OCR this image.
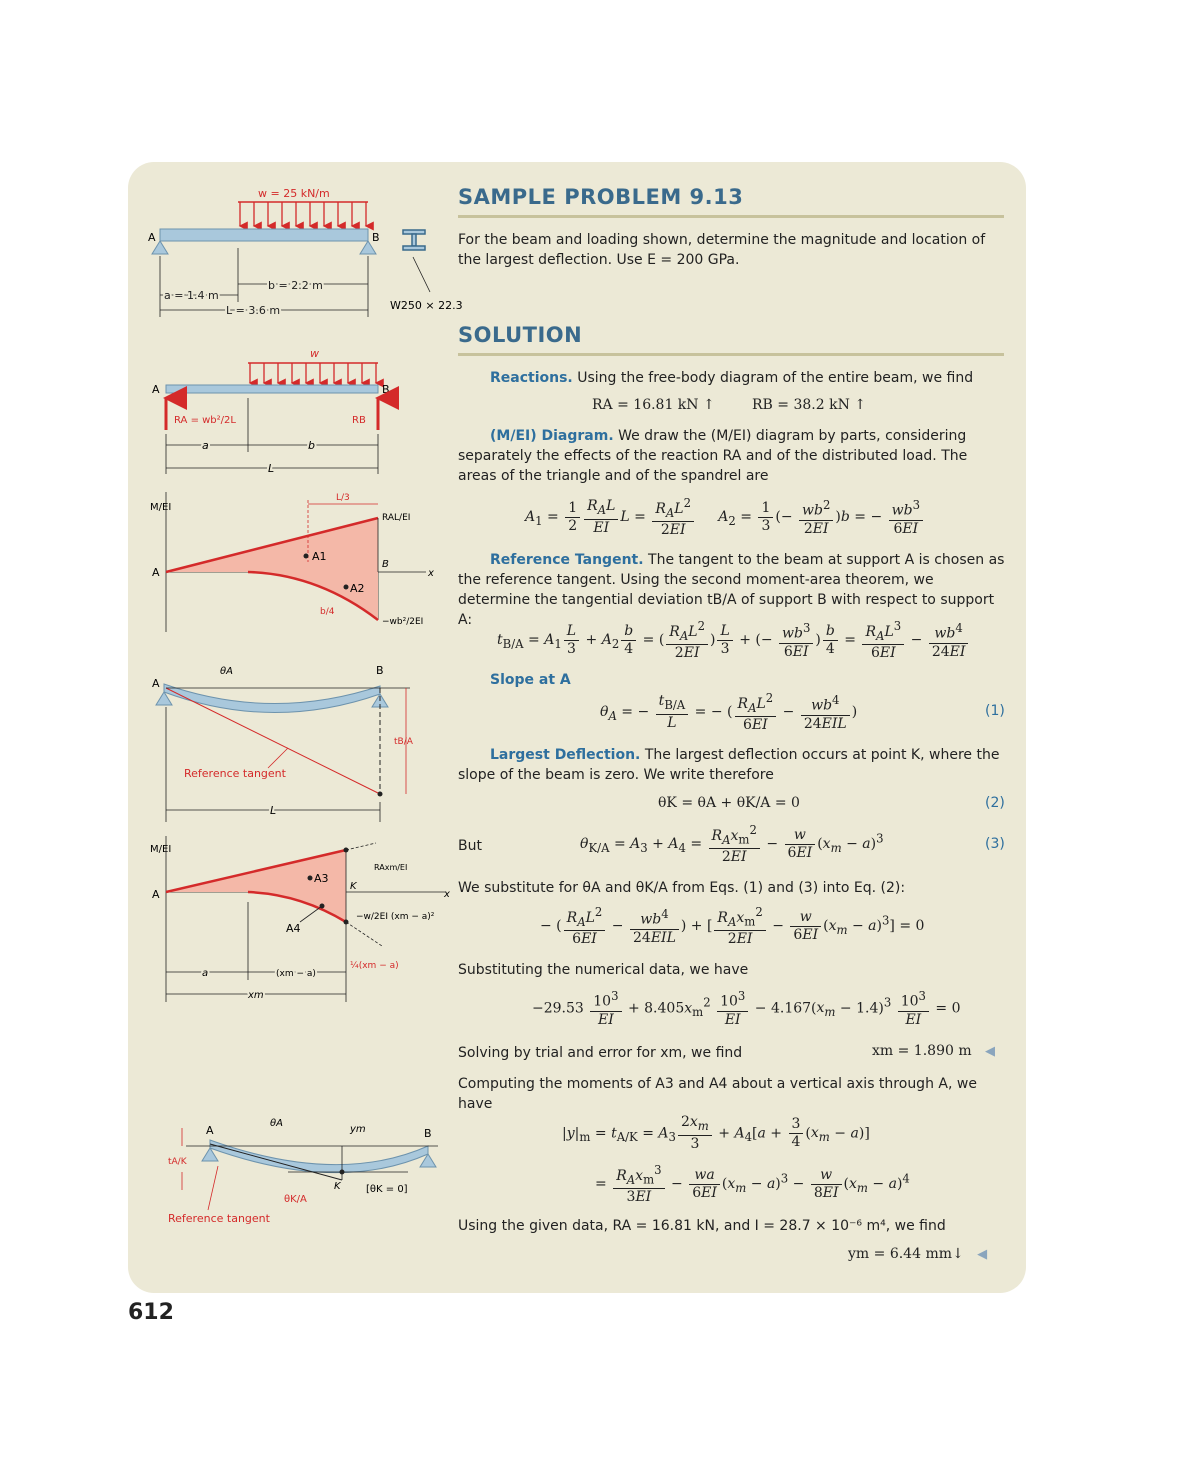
w = 25 kN/m
A	B
b = 2.2 m
a = 1.4 m
L = 3.6 m	W250 × 22.3
w
A	B
RA = wb²/2L	RB
a	b
L
M/EI
x
A
L/3
RAL/EI
A1
A2
B
b/4
−wb²/2EI
A
B
θA
tB/A
L
Reference tangent
M/EI
x
A
A3
A4
K
RAxm/EI
−w/2EI (xm − a)²
¼(xm − a)
a	(xm − a)
xm
A	B
θA
ym
K	[θK = 0]
tA/K
θK/A
Reference tangent
SAMPLE PROBLEM 9.13
For the beam and loading shown, determine the magnitude and location of the largest deflection. Use E = 200 GPa.
SOLUTION
Reactions. Using the free-body diagram of the entire beam, we find
RA = 16.81 kN ↑	RB = 38.2 kN ↑
(M/EI) Diagram. We draw the (M/EI) diagram by parts, considering separately the effects of the reaction RA and of the distributed load. The areas of the triangle and of the spandrel are
$A_1 = \frac{1}{2} \frac{R_AL}{EI}$ $L = \frac{R_AL^2}{2EI} A_2 = \frac{1}{3}$ (− $\frac{wb^2}{2EI} )b$ = − $\frac{wb^3}{6EI}$
Reference Tangent. The tangent to the beam at support A is chosen as the reference tangent. Using the second moment-area theorem, we determine the tangential deviation tB/A of support B with respect to support A:
$t_{B/A} = A_1 \frac{L}{3} + A_2 \frac{b}{4}$ = ( $\frac{R_AL^2}{2EI}$ ) $\frac{L}{3}$ + (− $\frac{wb^3}{6EI}$ ) $\frac{b}{4} = \frac{R_AL^3}{6EI} - \frac{wb^4}{24EI}$
Slope at A
$\theta_A$ = − $\frac{t_{B/A}}{L}$ = − ( $\frac{R_AL^2}{6EI} - \frac{wb^4}{\text{24EIL}}$ )	(1)
Largest Deflection. The largest deflection occurs at point K, where the slope of the beam is zero. We write therefore
θK = θA + θK/A = 0	(2)
But	$\theta_{K/A} = A_3 + A_4 = \frac{R_Ax_m^2}{2EI} - \frac{w}{6EI} (x_m - a)^3$	(3)
We substitute for θA and θK/A from Eqs. (1) and (3) into Eq. (2):
− ( $\frac{R_AL^2}{6EI} - \frac{wb^4}{\text{24EIL}}$ ) + [ $\frac{R_Ax_m^2}{2EI} - \frac{w}{6EI} (x_m - a)^3] = 0$
Substituting the numerical data, we have
$-29.53 \frac{10^3}{EI} + 8.405x_m^2 \frac{10^3}{EI} - 4.167(x_m - 1.4)^3 \frac{10^3}{EI} = 0$
Solving by trial and error for xm, we find	xm = 1.890 m ◀
Computing the moments of A3 and A4 about a vertical axis through A, we have
$|y|_m = t_{A/K} = A_3 \frac{2x_m}{3} + A_4[a + \frac{3}{4} (x_m - a)]$
= $\frac{R_Ax_m^3}{3EI} - \frac{wa}{6EI} (x_m - a)^3 - \frac{w}{8EI} (x_m - a)^4$
Using the given data, RA = 16.81 kN, and I = 28.7 × 10⁻⁶ m⁴, we find
ym = 6.44 mm↓ ◀
612
